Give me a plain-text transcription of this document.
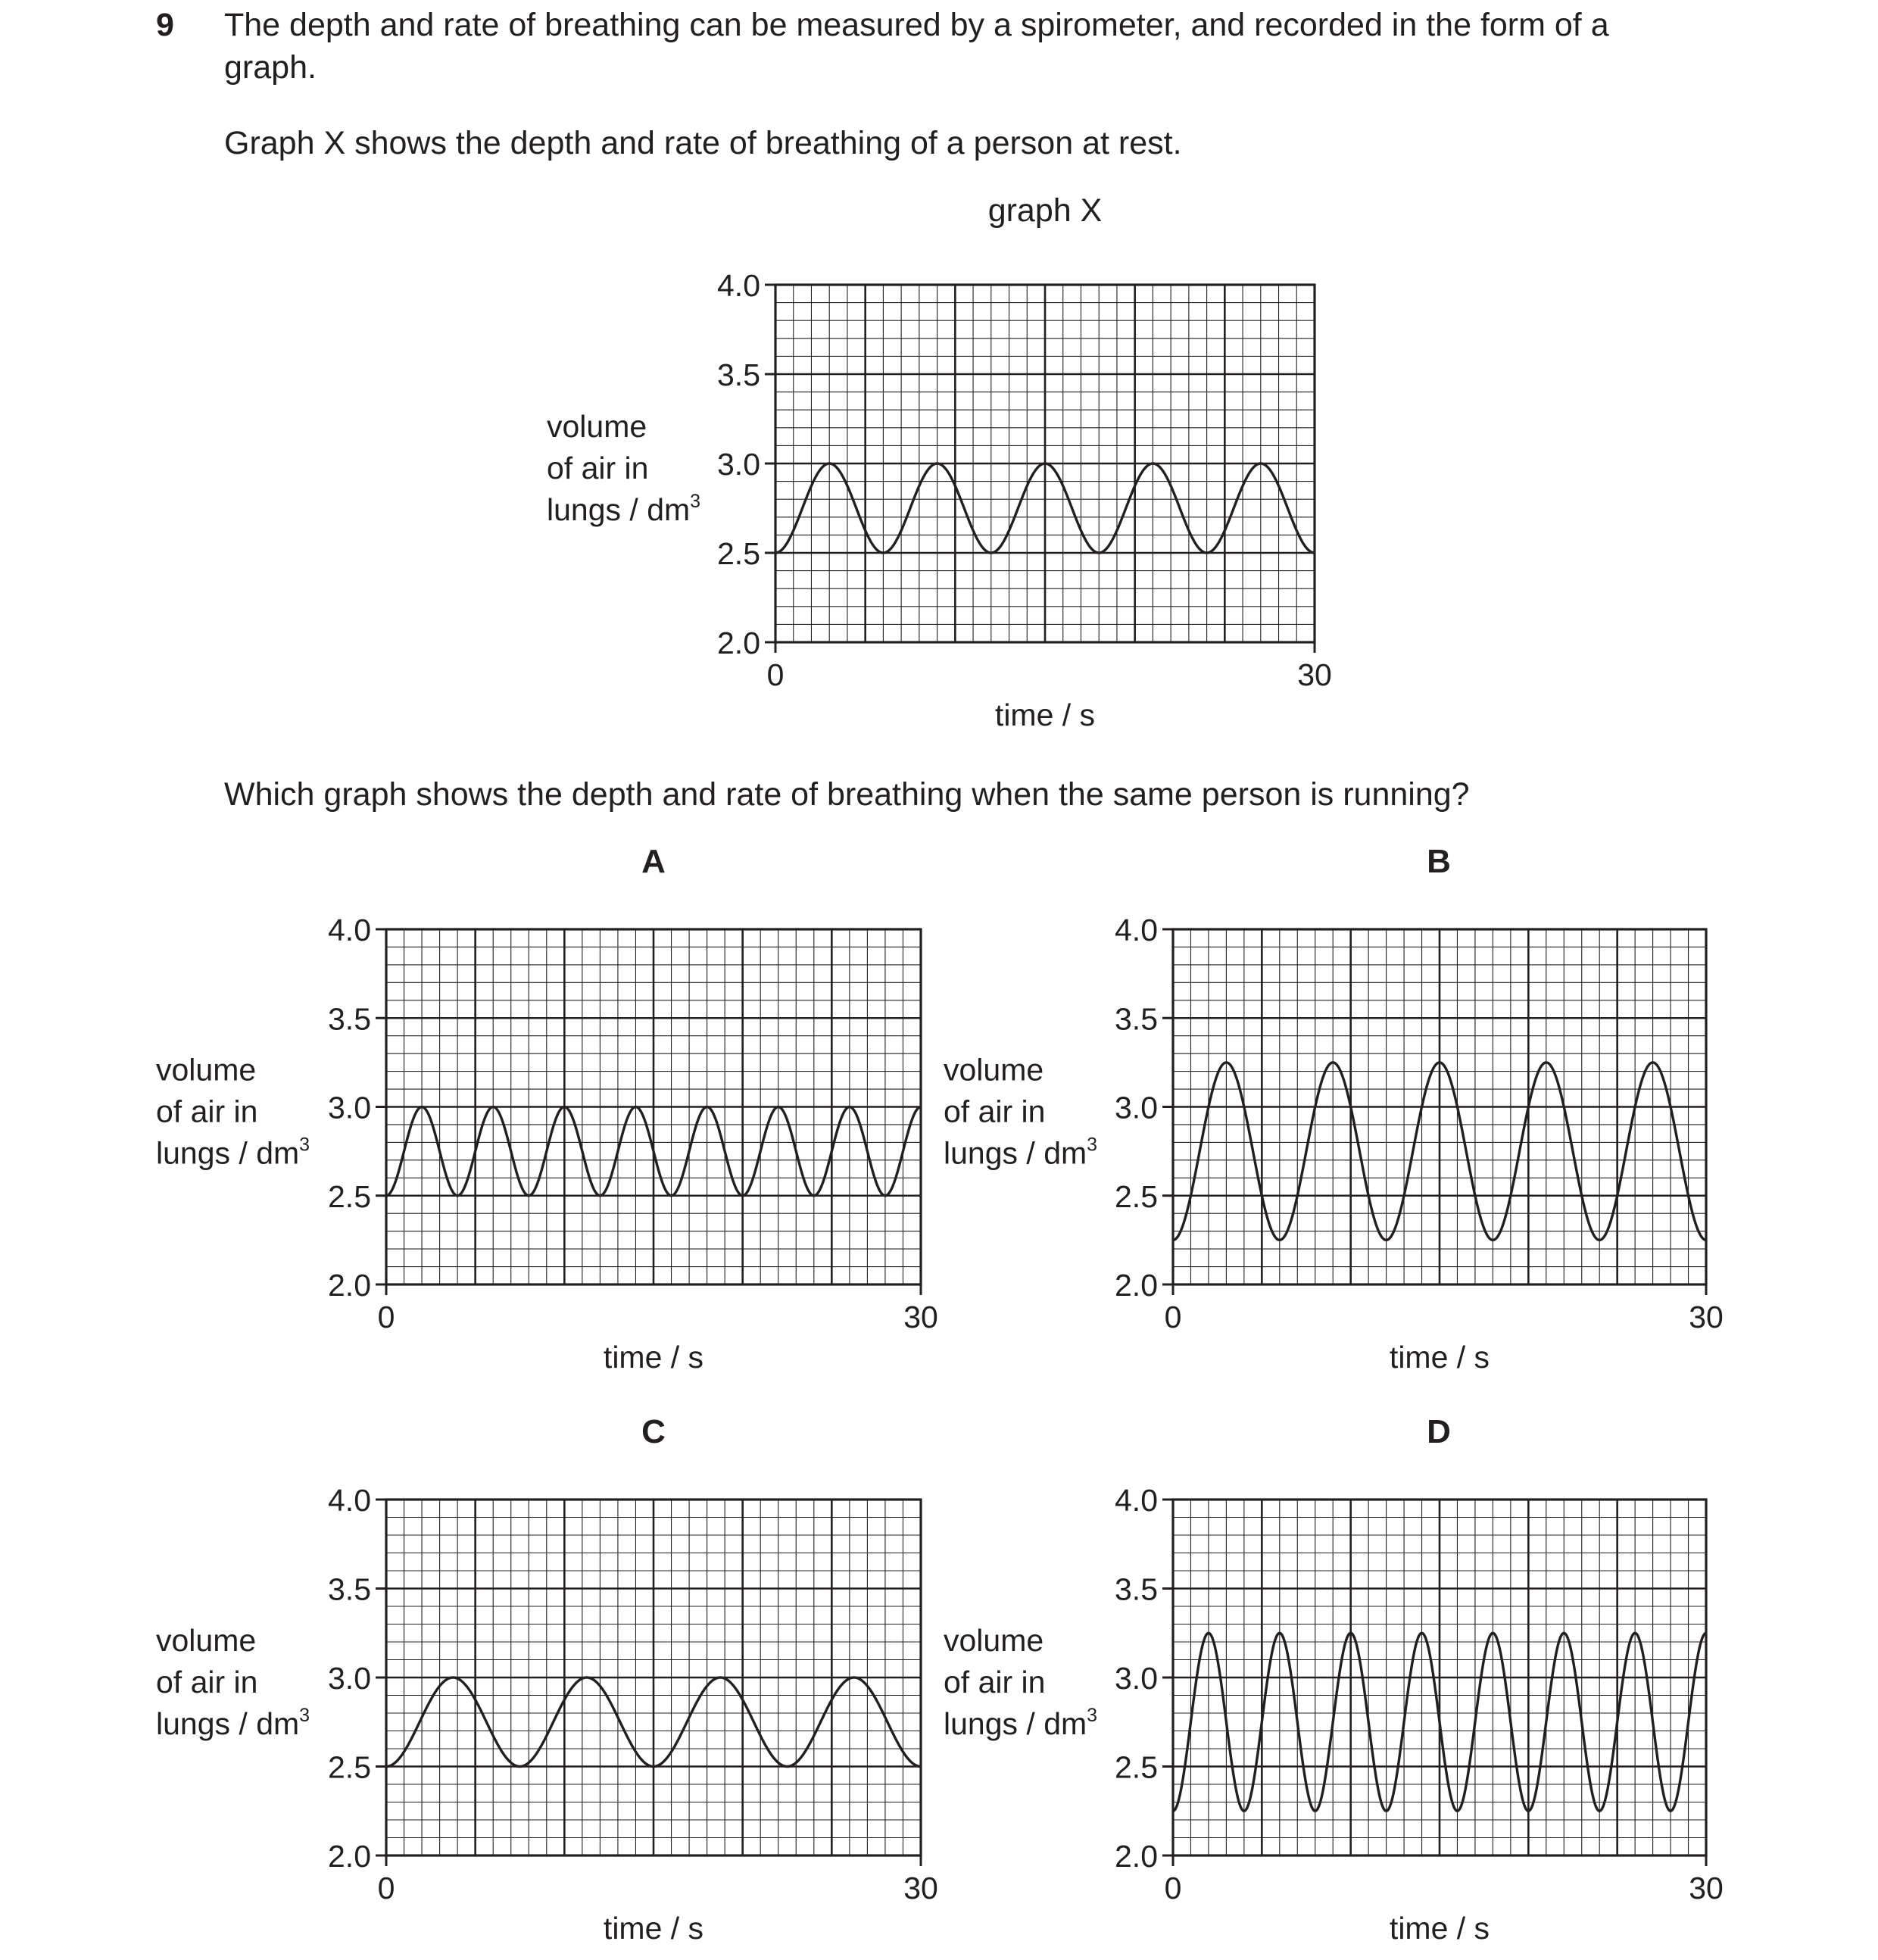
9 The depth and rate of breathing can be measured by a spirometer, and recorded in the form of a
graph.
Graph X shows the depth and rate of breathing of a person at rest.
Which graph shows the depth and rate of breathing when the same person is running?
4.0
3.5
3.0
2.5
2.0
0	30
time / s
volume
of air in
lungs / $dm^3$
graph X
4.0
3.5
3.0
2.5
2.0
0	30
time / s
volume
of air in
lungs / $dm^3$
A
4.0
3.5
3.0
2.5
2.0
0	30
time / s
volume
of air in
lungs / $dm^3$
B
4.0
3.5
3.0
2.5
2.0
0	30
time / s
volume
of air in
lungs / $dm^3$
C
4.0
3.5
3.0
2.5
2.0
0	30
time / s
volume
of air in
lungs / $dm^3$
D
